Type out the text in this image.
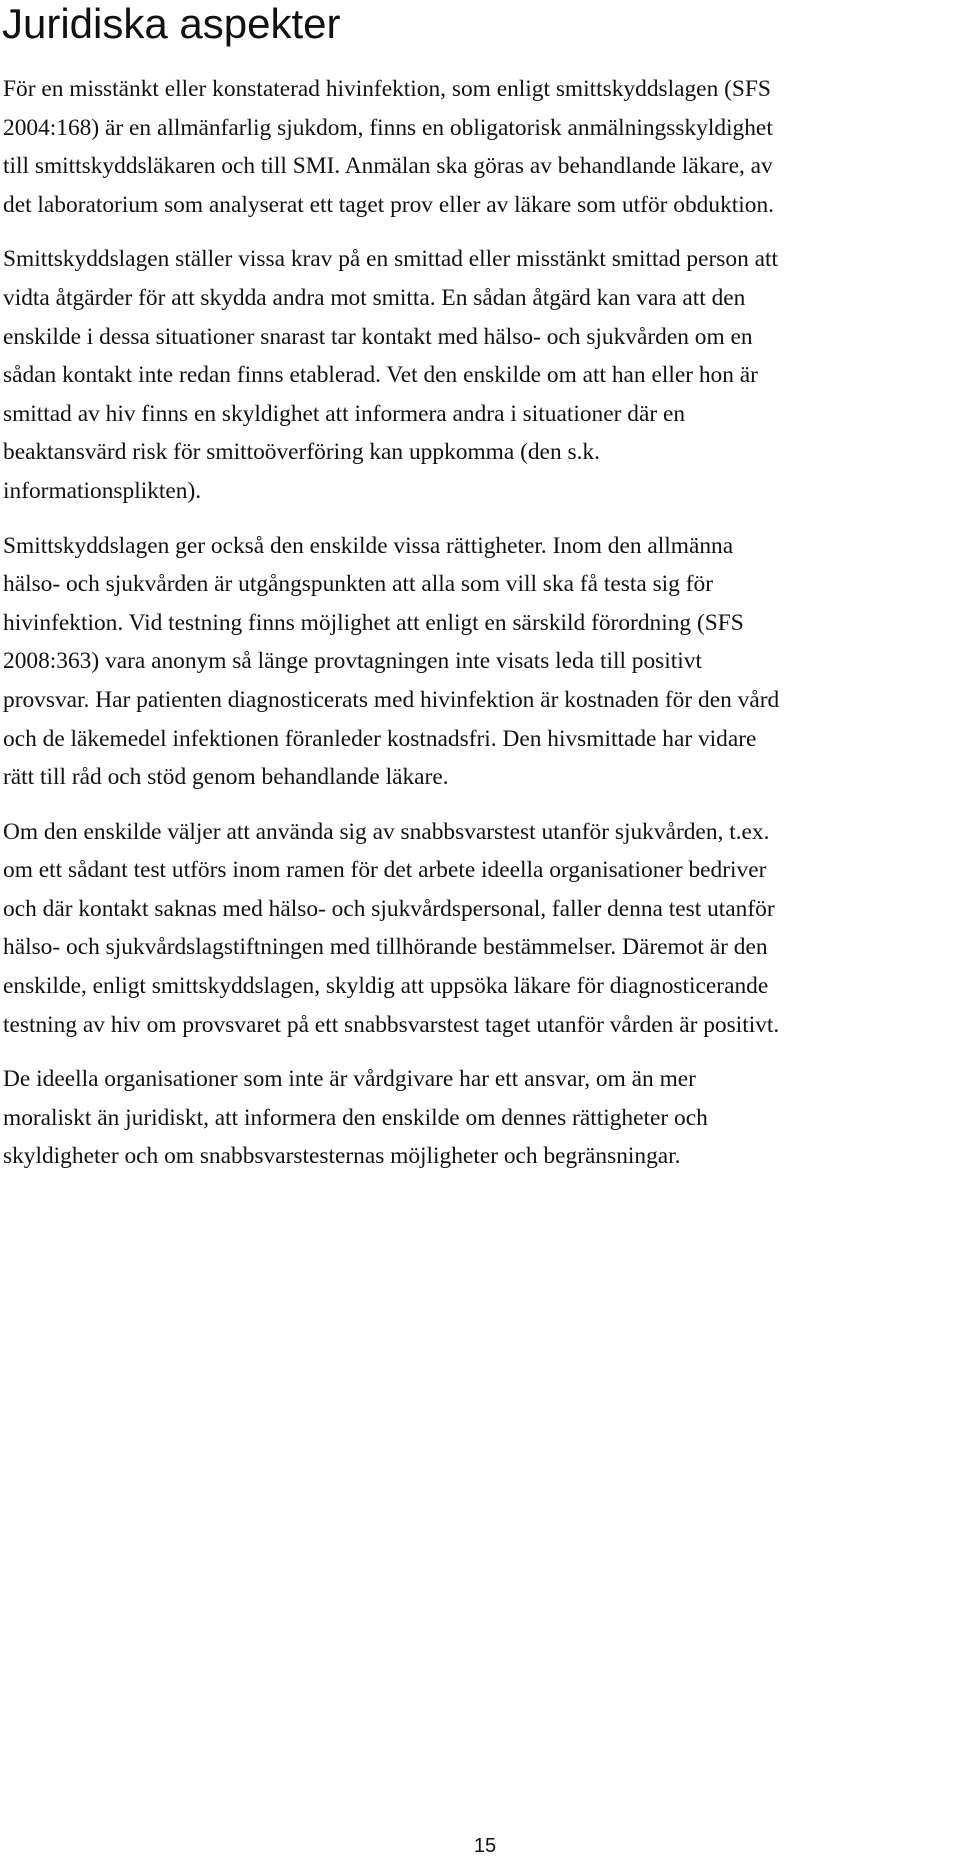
Juridiska aspekter

För en misstänkt eller konstaterad hivinfektion, som enligt smittskyddslagen (SFS
2004:168) är en allmänfarlig sjukdom, finns en obligatorisk anmälningsskyldighet
till smittskyddsläkaren och till SMI. Anmälan ska göras av behandlande läkare, av
det laboratorium som analyserat ett taget prov eller av läkare som utför obduktion.

Smittskyddslagen ställer vissa krav på en smittad eller misstänkt smittad person att
vidta åtgärder för att skydda andra mot smitta. En sådan åtgärd kan vara att den
enskilde i dessa situationer snarast tar kontakt med hälso- och sjukvården om en
sådan kontakt inte redan finns etablerad. Vet den enskilde om att han eller hon är
smittad av hiv finns en skyldighet att informera andra i situationer där en
beaktansvärd risk för smittoöverföring kan uppkomma (den s.k.
informationsplikten).

Smittskyddslagen ger också den enskilde vissa rättigheter. Inom den allmänna
hälso- och sjukvården är utgångspunkten att alla som vill ska få testa sig för
hivinfektion. Vid testning finns möjlighet att enligt en särskild förordning (SFS
2008:363) vara anonym så länge provtagningen inte visats leda till positivt
provsvar. Har patienten diagnosticerats med hivinfektion är kostnaden för den vård
och de läkemedel infektionen föranleder kostnadsfri. Den hivsmittade har vidare
rätt till råd och stöd genom behandlande läkare.

Om den enskilde väljer att använda sig av snabbsvarstest utanför sjukvården, t.ex.
om ett sådant test utförs inom ramen för det arbete ideella organisationer bedriver
och där kontakt saknas med hälso- och sjukvårdspersonal, faller denna test utanför
hälso- och sjukvårdslagstiftningen med tillhörande bestämmelser. Däremot är den
enskilde, enligt smittskyddslagen, skyldig att uppsöka läkare för diagnosticerande
testning av hiv om provsvaret på ett snabbsvarstest taget utanför vården är positivt.

De ideella organisationer som inte är vårdgivare har ett ansvar, om än mer
moraliskt än juridiskt, att informera den enskilde om dennes rättigheter och
skyldigheter och om snabbsvarstesternas möjligheter och begränsningar.

15
